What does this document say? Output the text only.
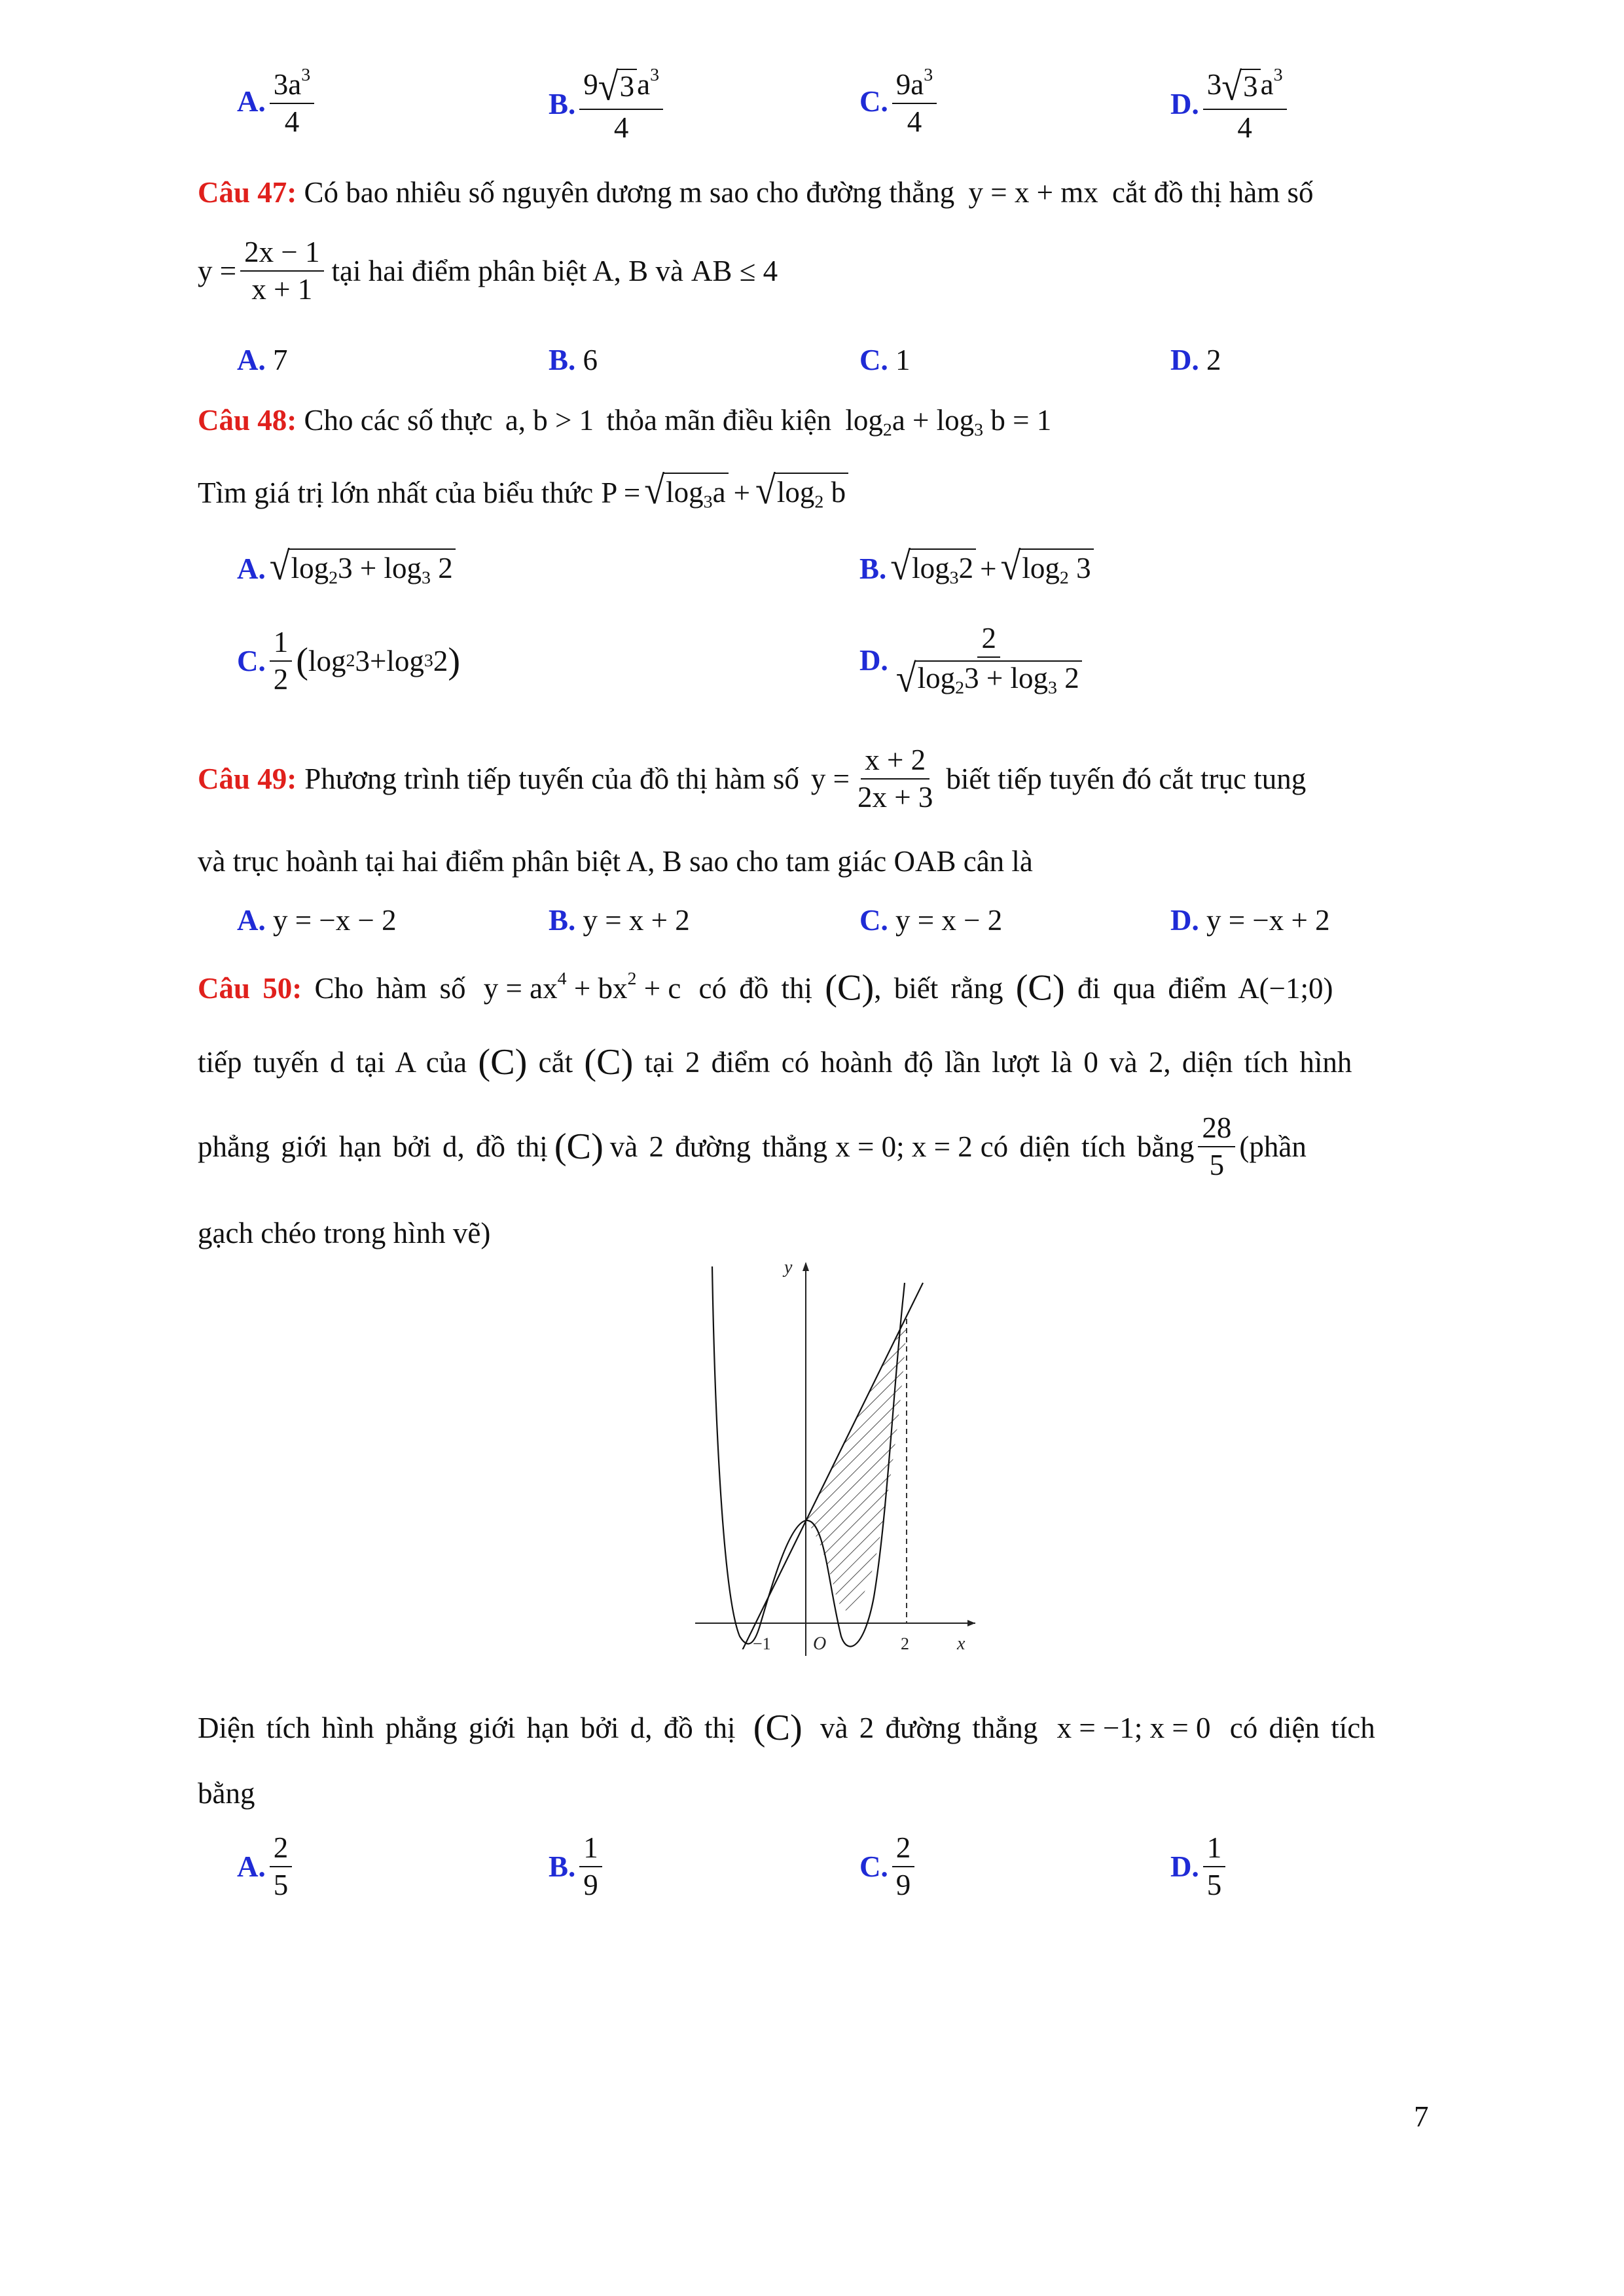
A. $\frac{3a^3}{4}$	B. $\frac{9 √ 3 a^3}{4}$	C. $\frac{9a^3}{4}$	D. $\frac{3 √ 3 a^3}{4}$
Câu 47: Có bao nhiêu số nguyên dương m sao cho đường thẳng y = x + mx cắt đồ thị hàm số
$y = \frac{2x - 1}{x + 1}$ tại hai điểm phân biệt A, B và AB ≤ 4
A. 7	B. 6	C. 1	D. 2
Câu 48: Cho các số thực a, b > 1 thỏa mãn điều kiện $\log_2a + \log_3 b = 1$
Tìm giá trị lớn nhất của biểu thức P = √ $\log_3a$ + √ $\log_2 b$
A. √ $\log_23 + \log_3 2$	B. √ $\log_32$ + √ $\log_2 3$
C. $\frac{1}{2}$ ( log 2 3 + log 3 2 )	D. $\frac{2}{√ \log_23 + \log_3 2}$
Câu 49: Phương trình tiếp tuyến của đồ thị hàm số $y = \frac{x + 2}{2x + 3}$ biết tiếp tuyến đó cắt trục tung
và trục hoành tại hai điểm phân biệt A, B sao cho tam giác OAB cân là
A. y = −x − 2	B. y = x + 2	C. y = x − 2	D. y = −x + 2
Câu 50: Cho hàm số $y = ax^4 + bx^2 + c$ có đồ thị (C), biết rằng (C) đi qua điểm A(−1;0)
tiếp tuyến d tại A của (C) cắt (C) tại 2 điểm có hoành độ lần lượt là 0 và 2, diện tích hình
phẳng giới hạn bởi d, đồ thị (C) và 2 đường thẳng x = 0; x = 2 có diện tích bằng $\frac{28}{5}$ (phần
gạch chéo trong hình vẽ)
y
x
O
−1	2
Diện tích hình phẳng giới hạn bởi d, đồ thị (C) và 2 đường thẳng x = −1; x = 0 có diện tích
bằng
A. $\frac{2}{5}$	B. $\frac{1}{9}$	C. $\frac{2}{9}$	D. $\frac{1}{5}$
7
